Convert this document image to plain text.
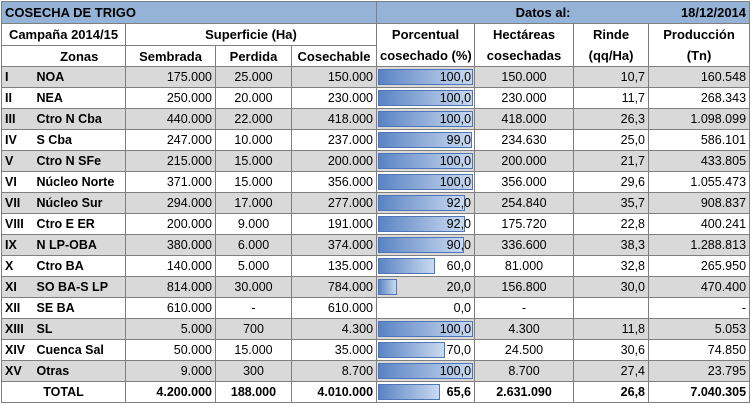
COSECHA DE TRIGO					Datos al:		18/12/2014	
Campaña 2014/15		Superficie (Ha)			Porcentual	Hectáreas	Rinde	Producción
	Zonas	Sembrada	Perdida	Cosechable	cosechado (%)	cosechadas	(qq/Ha)	(Tn)
I	NOA	175.000	25.000	150.000	100,0	150.000	10,7	160.548
II	NEA	250.000	20.000	230.000	100,0	230.000	11,7	268.343
III	Ctro N Cba	440.000	22.000	418.000	100,0	418.000	26,3	1.098.099
IV	S Cba	247.000	10.000	237.000	99,0	234.630	25,0	586.101
V	Ctro N SFe	215.000	15.000	200.000	100,0	200.000	21,7	433.805
VI	Núcleo Norte	371.000	15.000	356.000	100,0	356.000	29,6	1.055.473
VII	Núcleo Sur	294.000	17.000	277.000	92,0	254.840	35,7	908.837
VIII	Ctro E ER	200.000	9.000	191.000	92,0	175.720	22,8	400.241
IX	N LP-OBA	380.000	6.000	374.000	90,0	336.600	38,3	1.288.813
X	Ctro BA	140.000	5.000	135.000	60,0	81.000	32,8	265.950
XI	SO BA-S LP	814.000	30.000	784.000	20,0	156.800	30,0	470.400
XII	SE BA	610.000	-	610.000	0,0	-		-
XIII	SL	5.000	700	4.300	100,0	4.300	11,8	5.053
XIV	Cuenca Sal	50.000	15.000	35.000	70,0	24.500	30,6	74.850
XV	Otras	9.000	300	8.700	100,0	8.700	27,4	23.795
TOTAL		4.200.000	188.000	4.010.000	65,6	2.631.090	26,8	7.040.305
